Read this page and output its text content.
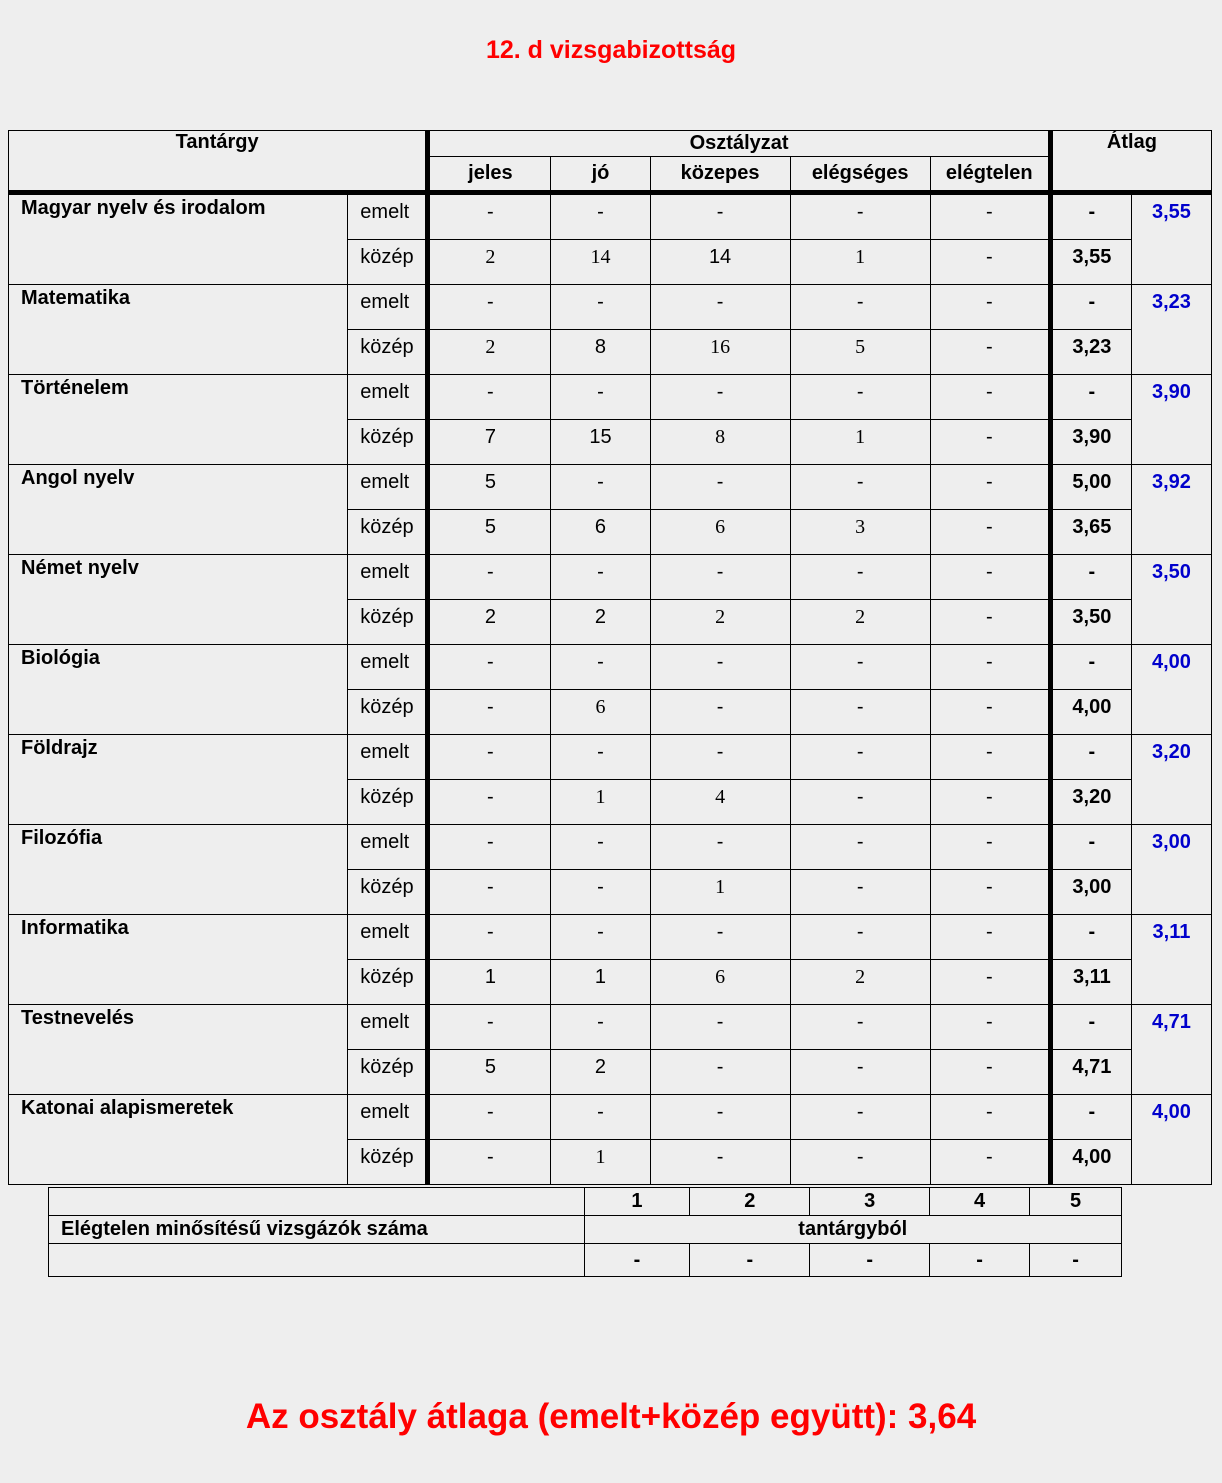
12. d vizsgabizottság
Tantárgy		Osztályzat					Átlag	
		jeles	jó	közepes	elégséges	elégtelen		
Magyar nyelv és irodalom	emelt	-	-	-	-	-	-	3,55
	közép	2	14	14	1	-	3,55	
Matematika	emelt	-	-	-	-	-	-	3,23
	közép	2	8	16	5	-	3,23	
Történelem	emelt	-	-	-	-	-	-	3,90
	közép	7	15	8	1	-	3,90	
Angol nyelv	emelt	5	-	-	-	-	5,00	3,92
	közép	5	6	6	3	-	3,65	
Német nyelv	emelt	-	-	-	-	-	-	3,50
	közép	2	2	2	2	-	3,50	
Biológia	emelt	-	-	-	-	-	-	4,00
	közép	-	6	-	-	-	4,00	
Földrajz	emelt	-	-	-	-	-	-	3,20
	közép	-	1	4	-	-	3,20	
Filozófia	emelt	-	-	-	-	-	-	3,00
	közép	-	-	1	-	-	3,00	
Informatika	emelt	-	-	-	-	-	-	3,11
	közép	1	1	6	2	-	3,11	
Testnevelés	emelt	-	-	-	-	-	-	4,71
	közép	5	2	-	-	-	4,71	
Katonai alapismeretek	emelt	-	-	-	-	-	-	4,00
	közép	-	1	-	-	-	4,00	
	1	2	3	4	5
Elégtelen minősítésű vizsgázók száma	tantárgyból				
	-	-	-	-	-
Az osztály átlaga (emelt+közép együtt): 3,64
